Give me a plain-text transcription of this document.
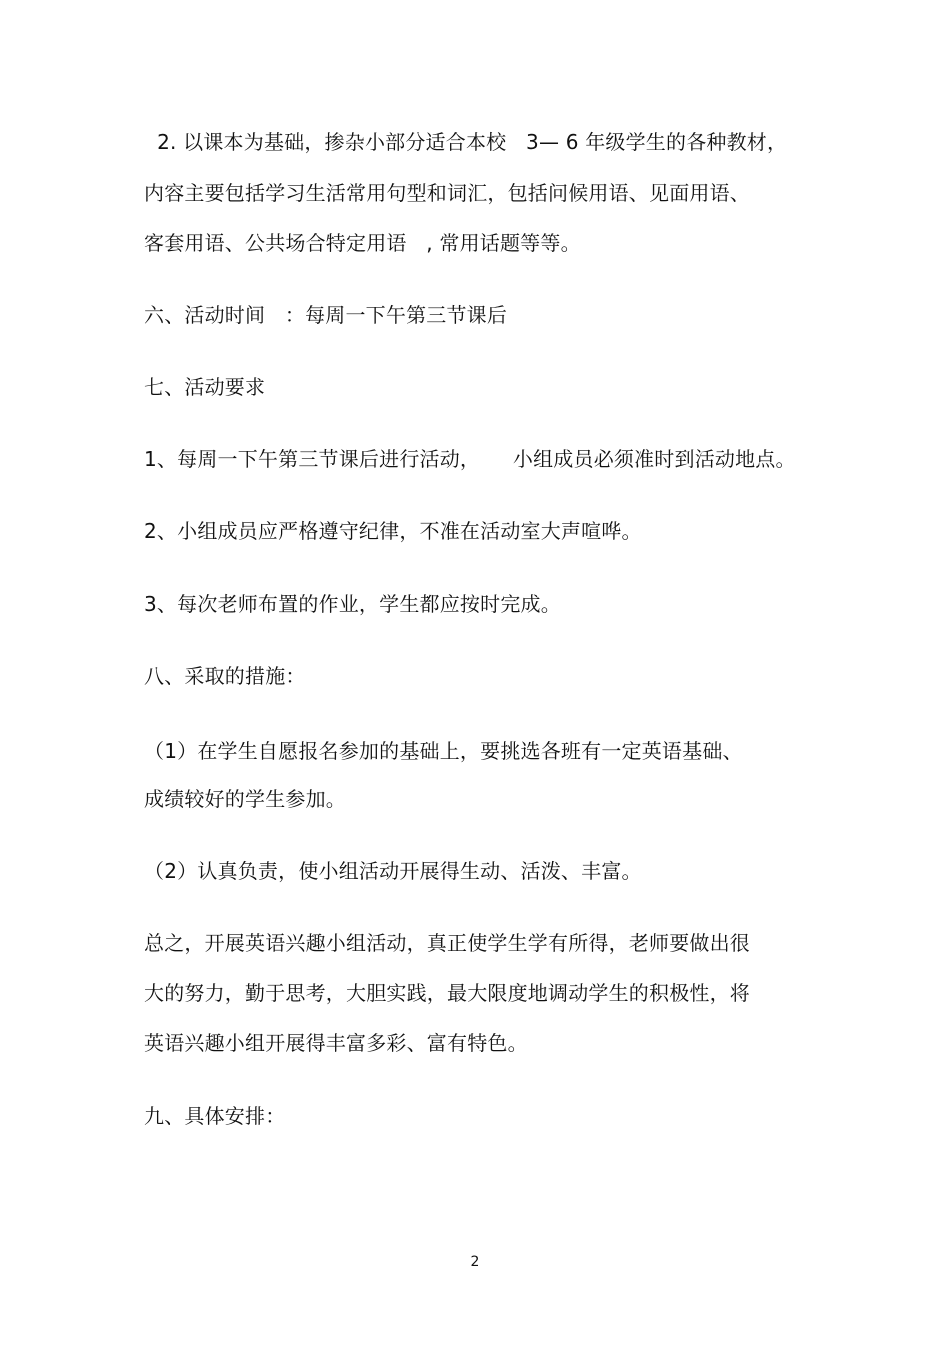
2. 以课本为基础，掺杂小部分适合本校   3— 6 年级学生的各种教材，
内容主要包括学习生活常用句型和词汇，包括问候用语、见面用语、
客套用语、公共场合特定用语   , 常用话题等等。
六、活动时间   ：每周一下午第三节课后
七、活动要求
1、每周一下午第三节课后进行活动，     小组成员必须准时到活动地点。
2、小组成员应严格遵守纪律，不准在活动室大声喧哗。
3、每次老师布置的作业，学生都应按时完成。
八、采取的措施：
（1）在学生自愿报名参加的基础上，要挑选各班有一定英语基础、
成绩较好的学生参加。
（2）认真负责，使小组活动开展得生动、活泼、丰富。
总之，开展英语兴趣小组活动，真正使学生学有所得，老师要做出很
大的努力，勤于思考，大胆实践，最大限度地调动学生的积极性，将
英语兴趣小组开展得丰富多彩、富有特色。
九、具体安排：
2
